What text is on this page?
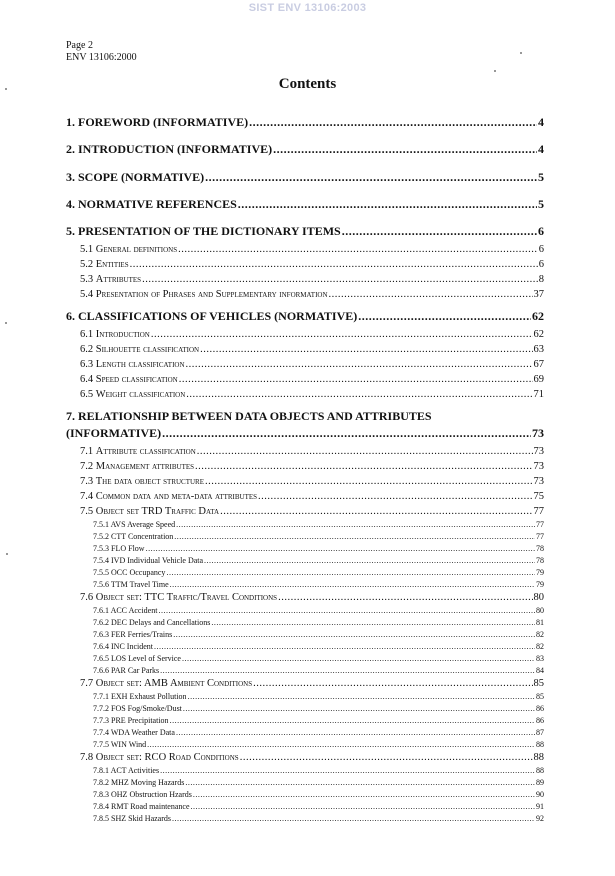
SIST ENV 13106:2003
Page 2
ENV 13106:2000
Contents
1. FOREWORD (INFORMATIVE) .....	4
2. INTRODUCTION (INFORMATIVE) .....	4
3. SCOPE (NORMATIVE) .....	5
4. NORMATIVE REFERENCES .....	5
5. PRESENTATION OF THE DICTIONARY ITEMS .....	6
5.1 General definitions .....	6
5.2 Entities .....	6
5.3 Attributes .....	8
5.4 Presentation of Phrases and Supplementary information .....	37
6. CLASSIFICATIONS OF VEHICLES (NORMATIVE) .....	62
6.1 Introduction .....	62
6.2 Silhouette classification .....	63
6.3 Length classification .....	67
6.4 Speed classification .....	69
6.5 Weight classification .....	71
7. RELATIONSHIP BETWEEN DATA OBJECTS AND ATTRIBUTES
(INFORMATIVE) .....	73
7.1 Attribute classification .....	73
7.2 Management attributes .....	73
7.3 The data object structure .....	73
7.4 Common data and meta-data attributes .....	75
7.5 Object set TRD Traffic Data .....	77
7.5.1 AVS Average Speed .....	77
7.5.2 CTT Concentration .....	77
7.5.3 FLO Flow .....	78
7.5.4 IVD Individual Vehicle Data .....	78
7.5.5 OCC Occupancy .....	79
7.5.6 TTM Travel Time .....	79
7.6 Object set: TTC Traffic/Travel Conditions .....	80
7.6.1 ACC Accident .....	80
7.6.2 DEC Delays and Cancellations .....	81
7.6.3 FER Ferries/Trains .....	82
7.6.4 INC Incident .....	82
7.6.5 LOS Level of Service .....	83
7.6.6 PAR Car Parks .....	84
7.7 Object set: AMB Ambient Conditions .....	85
7.7.1 EXH Exhaust Pollution .....	85
7.7.2 FOS Fog/Smoke/Dust .....	86
7.7.3 PRE Precipitation .....	86
7.7.4 WDA Weather Data .....	87
7.7.5 WIN Wind .....	88
7.8 Object set: RCO Road Conditions .....	88
7.8.1 ACT Activities .....	88
7.8.2 MHZ Moving Hazards .....	89
7.8.3 OHZ Obstruction Hzards .....	90
7.8.4 RMT Road maintenance .....	91
7.8.5 SHZ Skid Hazards .....	92
